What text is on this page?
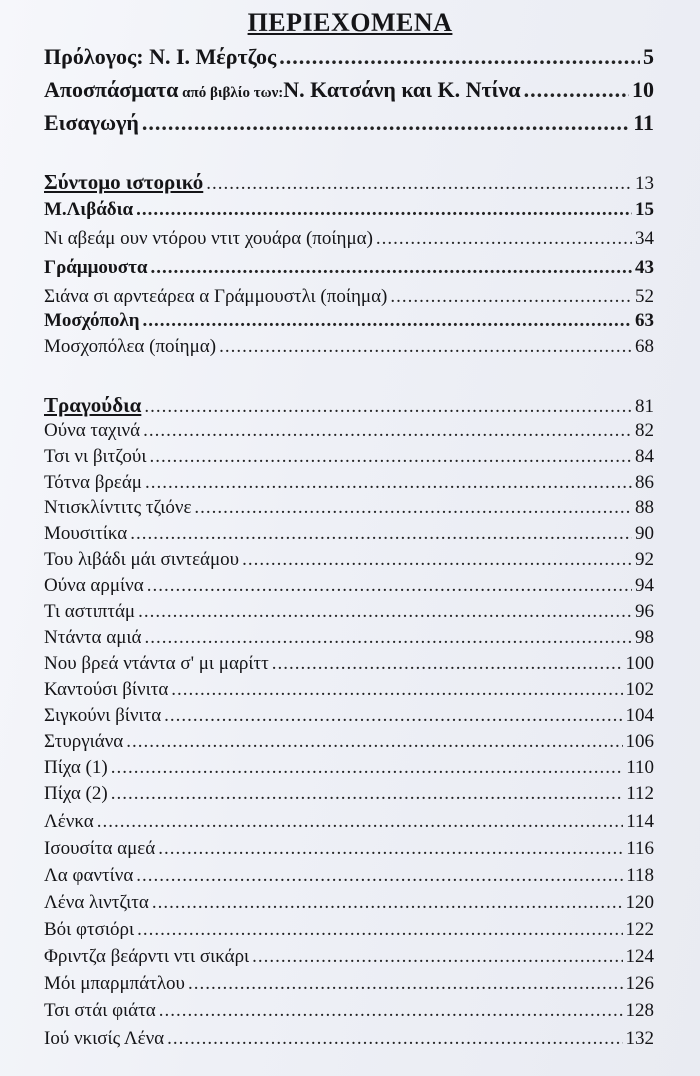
ΠΕΡΙΕΧΟΜΕΝΑ
Πρόλογος: Ν. Ι. Μέρτζος .....	5
Αποσπάσματα από βιβλίο των:Ν. Κατσάνη και Κ. Ντίνα .....	10
Εισαγωγή .....	11
Σύντομο ιστορικό .....	13
Μ.Λιβάδια .....	15
Νι αβεάμ ουν ντόρου ντιτ χουάρα (ποίημα) .....	34
Γράμμουστα .....	43
Σιάνα σι αρντεάρεα α Γράμμουστλι (ποίημα) .....	52
Μοσχόπολη .....	63
Μοσχοπόλεα (ποίημα) .....	68
Τραγούδια .....	81
Ούνα ταχινά .....	82
Τσι νι βιτζούι .....	84
Τότνα βρεάμ .....	86
Ντισκλίντιτς τζιόνε .....	88
Μουσιτίκα .....	90
Του λιβάδι μάι σιντεάμου .....	92
Ούνα αρμίνα .....	94
Τι αστιπτάμ .....	96
Ντάντα αμιά .....	98
Νου βρεά ντάντα σ' μι μαρίττ .....	100
Καντούσι βίνιτα .....	102
Σιγκούνι βίνιτα .....	104
Στυργιάνα .....	106
Πίχα (1) .....	110
Πίχα (2) .....	112
Λένκα .....	114
Ισουσίτα αμεά .....	116
Λα φαντίνα .....	118
Λένα λιντζιτα .....	120
Βόι φτσιόρι .....	122
Φριντζα βεάρντι ντι σικάρι .....	124
Μόι μπαρμπάτλου .....	126
Τσι στάι φιάτα .....	128
Ιού νκισίς Λένα .....	132
